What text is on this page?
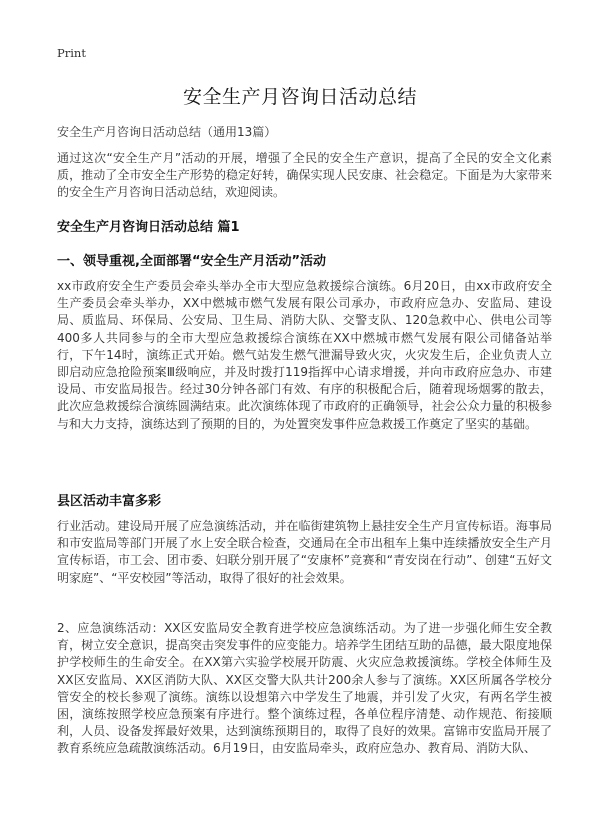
Print
安全生产月咨询日活动总结
安全生产月咨询日活动总结（通用13篇）

通过这次“安全生产月”活动的开展，增强了全民的安全生产意识，提高了全民的安全文化素质，推动了全市安全生产形势的稳定好转，确保实现人民安康、社会稳定。下面是为大家带来的安全生产月咨询日活动总结，欢迎阅读。

安全生产月咨询日活动总结 篇1

一、领导重视,全面部署“安全生产月活动”活动

xx市政府安全生产委员会牵头举办全市大型应急救援综合演练。6月20日，由xx市政府安全生产委员会牵头举办，XX中燃城市燃气发展有限公司承办，市政府应急办、安监局、建设局、质监局、环保局、公安局、卫生局、消防大队、交警支队、120急救中心、供电公司等400多人共同参与的全市大型应急救援综合演练在XX中燃城市燃气发展有限公司储备站举行，下午14时，演练正式开始。燃气站发生燃气泄漏导致火灾，火灾发生后，企业负责人立即启动应急抢险预案Ⅲ级响应，并及时拨打119指挥中心请求增援，并向市政府应急办、市建设局、市安监局报告。经过30分钟各部门有效、有序的积极配合后，随着现场烟雾的散去，此次应急救援综合演练圆满结束。此次演练体现了市政府的正确领导，社会公众力量的积极参与和大力支持，演练达到了预期的目的，为处置突发事件应急救援工作奠定了坚实的基础。

县区活动丰富多彩

行业活动。建设局开展了应急演练活动，并在临街建筑物上悬挂安全生产月宣传标语。海事局和市安监局等部门开展了水上安全联合检查，交通局在全市出租车上集中连续播放安全生产月宣传标语，市工会、团市委、妇联分别开展了“安康杯”竞赛和“青安岗在行动”、创建“五好文明家庭”、“平安校园”等活动，取得了很好的社会效果。

2、应急演练活动：XX区安监局安全教育进学校应急演练活动。为了进一步强化师生安全教育，树立安全意识，提高突击突发事件的应变能力。培养学生团结互助的品德，最大限度地保护学校师生的生命安全。在XX第六实验学校展开防震、火灾应急救援演练。学校全体师生及XX区安监局、XX区消防大队、XX区交警大队共计200余人参与了演练。XX区所属各学校分管安全的校长参观了演练。演练以设想第六中学发生了地震，并引发了火灾，有两名学生被困，演练按照学校应急预案有序进行。整个演练过程，各单位程序清楚、动作规范、衔接顺利，人员、设备发挥最好效果，达到演练预期目的，取得了良好的效果。富锦市安监局开展了教育系统应急疏散演练活动。6月19日，由安监局牵头，政府应急办、教育局、消防大队、
